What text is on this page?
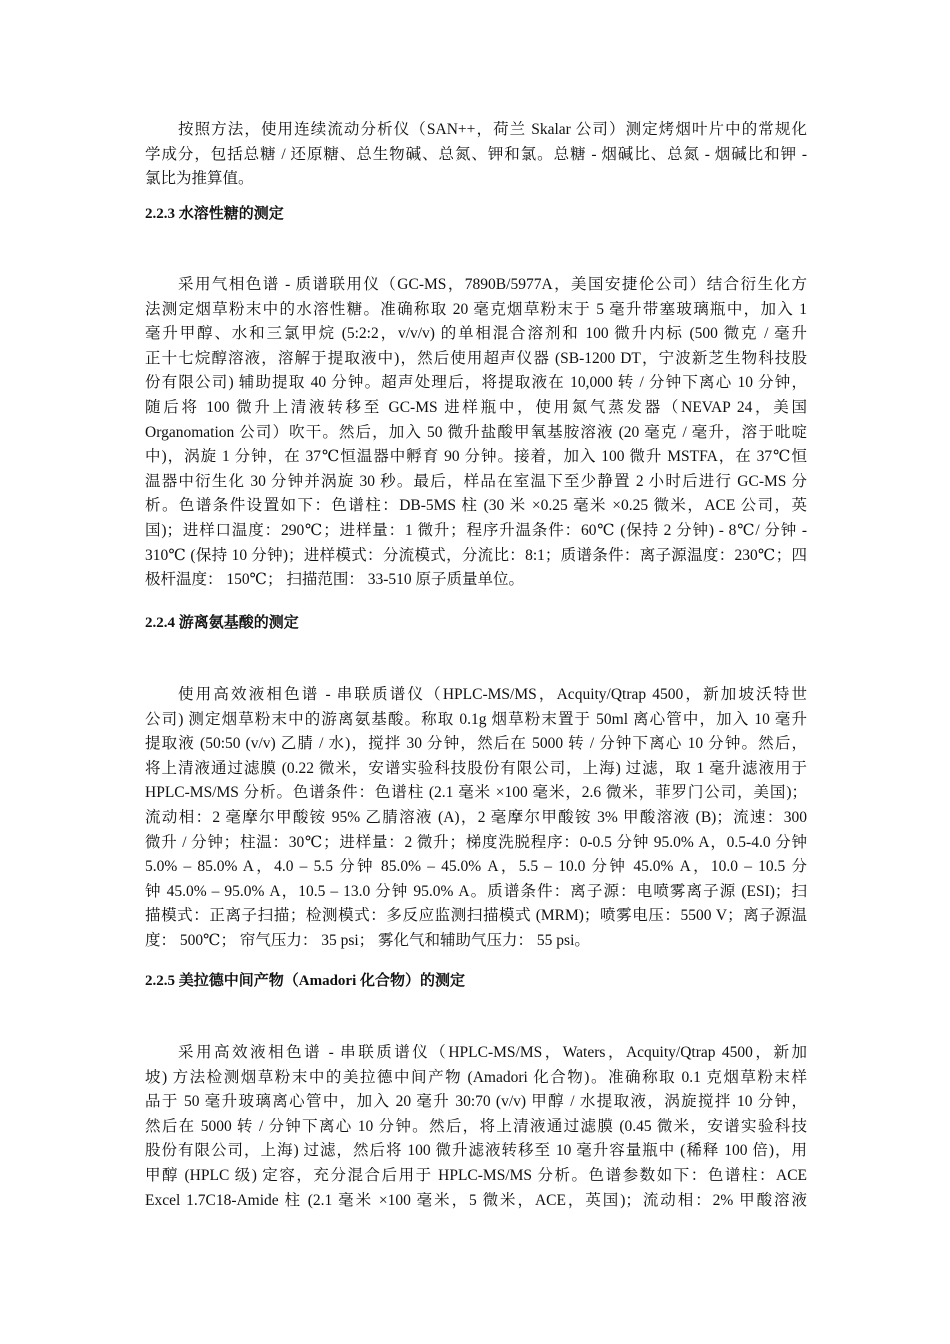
按照方法，使用连续流动分析仪（SAN++，荷兰 Skalar 公司）测定烤烟叶片中的常规化
学成分，包括总糖 / 还原糖、总生物碱、总氮、钾和氯。总糖 - 烟碱比、总氮 - 烟碱比和钾 -
氯比为推算值。
2.2.3 水溶性糖的测定
采用气相色谱 - 质谱联用仪（GC-MS，7890B/5977A，美国安捷伦公司）结合衍生化方
法测定烟草粉末中的水溶性糖。准确称取 20 毫克烟草粉末于 5 毫升带塞玻璃瓶中，加入 1
毫升甲醇、水和三氯甲烷 (5:2:2，v/v/v) 的单相混合溶剂和 100 微升内标 (500 微克 / 毫升
正十七烷醇溶液，溶解于提取液中)，然后使用超声仪器 (SB-1200 DT，宁波新芝生物科技股
份有限公司) 辅助提取 40 分钟。超声处理后，将提取液在 10,000 转 / 分钟下离心 10 分钟，
随后将 100 微升上清液转移至 GC-MS 进样瓶中，使用氮气蒸发器（NEVAP 24，美国
Organomation 公司）吹干。然后，加入 50 微升盐酸甲氧基胺溶液 (20 毫克 / 毫升，溶于吡啶
中)，涡旋 1 分钟，在 37℃恒温器中孵育 90 分钟。接着，加入 100 微升 MSTFA，在 37℃恒
温器中衍生化 30 分钟并涡旋 30 秒。最后，样品在室温下至少静置 2 小时后进行 GC-MS 分
析。色谱条件设置如下：色谱柱：DB-5MS 柱 (30 米 ×0.25 毫米 ×0.25 微米，ACE 公司，英
国)；进样口温度：290℃；进样量：1 微升；程序升温条件：60℃ (保持 2 分钟) - 8℃/ 分钟 -
310℃ (保持 10 分钟)；进样模式：分流模式，分流比：8:1；质谱条件：离子源温度：230℃；四
极杆温度： 150℃； 扫描范围： 33-510 原子质量单位。
2.2.4 游离氨基酸的测定
使用高效液相色谱 - 串联质谱仪（HPLC-MS/MS，Acquity/Qtrap 4500，新加坡沃特世
公司) 测定烟草粉末中的游离氨基酸。称取 0.1g 烟草粉末置于 50ml 离心管中，加入 10 毫升
提取液 (50:50 (v/v) 乙腈 / 水)，搅拌 30 分钟，然后在 5000 转 / 分钟下离心 10 分钟。然后，
将上清液通过滤膜 (0.22 微米，安谱实验科技股份有限公司，上海) 过滤，取 1 毫升滤液用于
HPLC-MS/MS 分析。色谱条件：色谱柱 (2.1 毫米 ×100 毫米，2.6 微米，菲罗门公司，美国)；
流动相：2 毫摩尔甲酸铵 95% 乙腈溶液 (A)，2 毫摩尔甲酸铵 3% 甲酸溶液 (B)；流速：300
微升 / 分钟；柱温：30℃；进样量：2 微升；梯度洗脱程序：0-0.5 分钟 95.0% A，0.5-4.0 分钟
5.0% – 85.0% A，4.0 – 5.5 分钟 85.0% – 45.0% A，5.5 – 10.0 分钟 45.0% A，10.0 – 10.5 分
钟 45.0% – 95.0% A，10.5 – 13.0 分钟 95.0% A。质谱条件：离子源：电喷雾离子源 (ESI)；扫
描模式：正离子扫描；检测模式：多反应监测扫描模式 (MRM)；喷雾电压：5500 V；离子源温
度： 500℃； 帘气压力： 35 psi； 雾化气和辅助气压力： 55 psi。
2.2.5 美拉德中间产物（Amadori 化合物）的测定
采用高效液相色谱 - 串联质谱仪（HPLC-MS/MS，Waters，Acquity/Qtrap 4500，新加
坡) 方法检测烟草粉末中的美拉德中间产物 (Amadori 化合物)。准确称取 0.1 克烟草粉末样
品于 50 毫升玻璃离心管中，加入 20 毫升 30:70 (v/v) 甲醇 / 水提取液，涡旋搅拌 10 分钟，
然后在 5000 转 / 分钟下离心 10 分钟。然后，将上清液通过滤膜 (0.45 微米，安谱实验科技
股份有限公司，上海) 过滤，然后将 100 微升滤液转移至 10 毫升容量瓶中 (稀释 100 倍)，用
甲醇 (HPLC 级) 定容，充分混合后用于 HPLC-MS/MS 分析。色谱参数如下：色谱柱：ACE
Excel 1.7C18-Amide 柱 (2.1 毫米 ×100 毫米，5 微米，ACE，英国)；流动相：2% 甲酸溶液
